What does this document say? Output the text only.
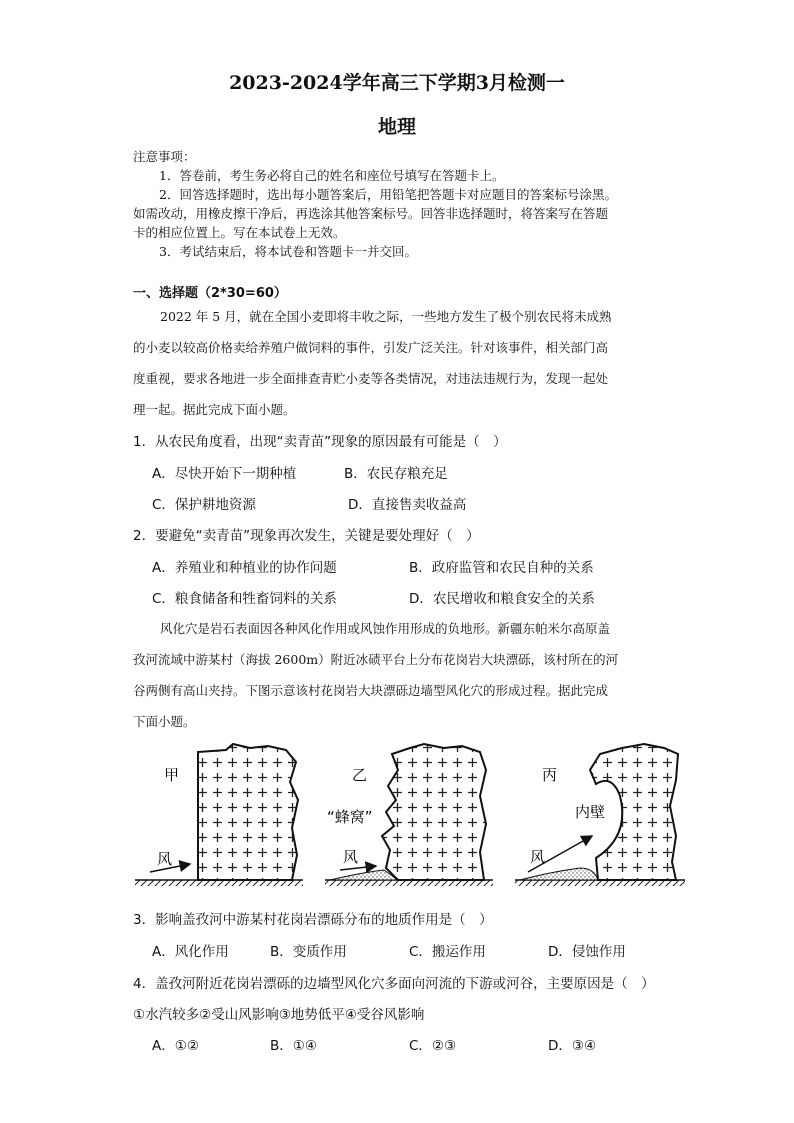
2023-2024学年高三下学期3月检测一
地理
注意事项：
1．答卷前，考生务必将自己的姓名和座位号填写在答题卡上。
2．回答选择题时，选出每小题答案后，用铅笔把答题卡对应题目的答案标号涂黑。
如需改动，用橡皮擦干净后，再选涂其他答案标号。回答非选择题时，将答案写在答题
卡的相应位置上。写在本试卷上无效。
3．考试结束后，将本试卷和答题卡一并交回。
一、选择题（2*30=60）
2022 年 5 月，就在全国小麦即将丰收之际，一些地方发生了极个别农民将未成熟
的小麦以较高价格卖给养殖户做饲料的事件，引发广泛关注。针对该事件，相关部门高
度重视，要求各地进一步全面排查青贮小麦等各类情况，对违法违规行为，发现一起处
理一起。据此完成下面小题。
1．从农民角度看，出现“卖青苗”现象的原因最有可能是（　）
A．尽快开始下一期种植	B．农民存粮充足
C．保护耕地资源	D．直接售卖收益高
2．要避免“卖青苗”现象再次发生，关键是要处理好（　）
A．养殖业和种植业的协作问题	B．政府监管和农民自种的关系
C．粮食储备和牲畜饲料的关系	D．农民增收和粮食安全的关系
风化穴是岩石表面因各种风化作用或风蚀作用形成的负地形。新疆东帕米尔高原盖
孜河流域中游某村（海拔 2600m）附近冰碛平台上分布花岗岩大块漂砾，该村所在的河
谷两侧有高山夹持。下图示意该村花岗岩大块漂砾边墙型风化穴的形成过程。据此完成
下面小题。
甲
风
乙
“蜂窝”
风
丙
内壁
风
3．影响盖孜河中游某村花岗岩漂砾分布的地质作用是（　）
A．风化作用	B．变质作用	C．搬运作用	D．侵蚀作用
4．盖孜河附近花岗岩漂砾的边墙型风化穴多面向河流的下游或河谷，主要原因是（　）
①水汽较多②受山风影响③地势低平④受谷风影响
A．①②	B．①④	C．②③	D．③④
